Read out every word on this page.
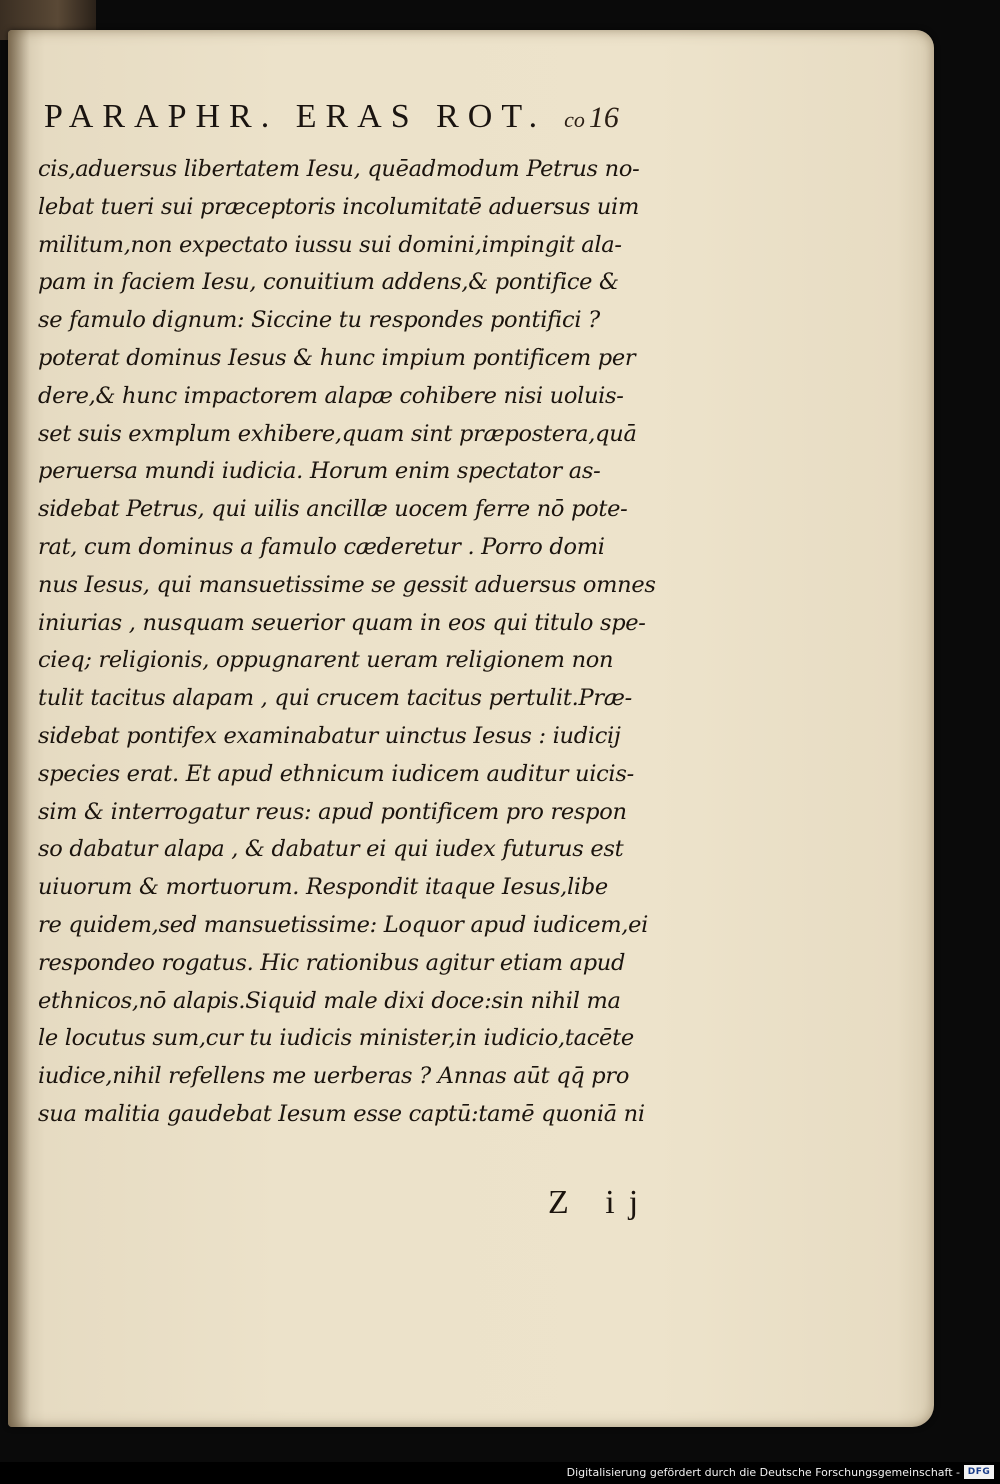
PARAPHR. ERAS ROT. co 16
cis,aduersus libertatem Iesu, quēadmodum Petrus no-
lebat tueri sui præceptoris incolumitatē aduersus uim
militum,non expectato iussu sui domini,impingit ala-
pam in faciem Iesu, conuitium addens,& pontifice &
se famulo dignum: Siccine tu respondes pontifici ?
poterat dominus Iesus & hunc impium pontificem per
dere,& hunc impactorem alapæ cohibere nisi uoluis-
set suis exmplum exhibere,quam sint præpostera,quā
peruersa mundi iudicia. Horum enim spectator as-
sidebat Petrus, qui uilis ancillæ uocem ferre nō pote-
rat, cum dominus a famulo cæderetur . Porro domi
nus Iesus, qui mansuetissime se gessit aduersus omnes
iniurias , nusquam seuerior quam in eos qui titulo spe-
cieq; religionis, oppugnarent ueram religionem non
tulit tacitus alapam , qui crucem tacitus pertulit.Præ-
sidebat pontifex examinabatur uinctus Iesus : iudicij
species erat. Et apud ethnicum iudicem auditur uicis-
sim & interrogatur reus: apud pontificem pro respon
so dabatur alapa , & dabatur ei qui iudex futurus est
uiuorum & mortuorum. Respondit itaque Iesus,libe
re quidem,sed mansuetissime: Loquor apud iudicem,ei
respondeo rogatus. Hic rationibus agitur etiam apud
ethnicos,nō alapis.Siquid male dixi doce:sin nihil ma
le locutus sum,cur tu iudicis minister,in iudicio,tacēte
iudice,nihil refellens me uerberas ? Annas aūt qq̄ pro
sua malitia gaudebat Iesum esse captū:tamē quoniā ni
Z ij
Digitalisierung gefördert durch die Deutsche Forschungsgemeinschaft - DFG
